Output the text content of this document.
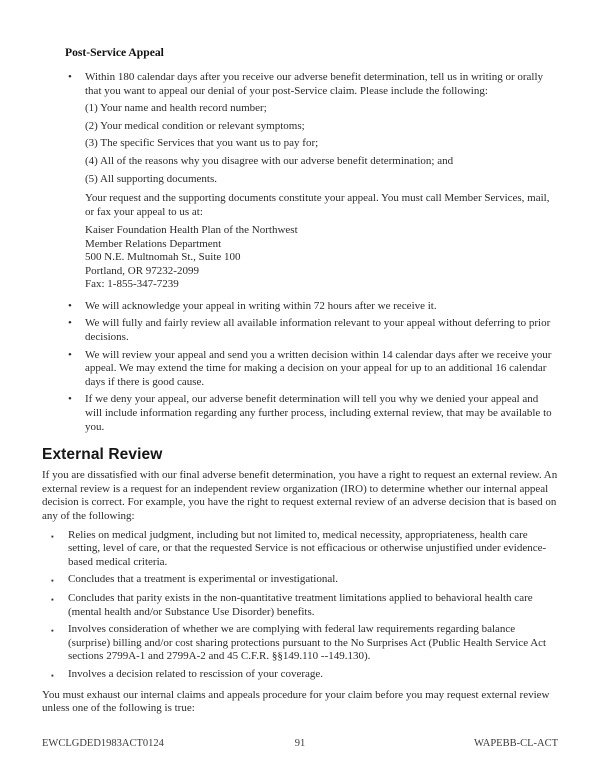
Post-Service Appeal
•	Within 180 calendar days after you receive our adverse benefit determination, tell us in writing or orally that you want to appeal our denial of your post-Service claim. Please include the following:

(1) Your name and health record number;

(2) Your medical condition or relevant symptoms;

(3) The specific Services that you want us to pay for;

(4) All of the reasons why you disagree with our adverse benefit determination; and

(5) All supporting documents.

Your request and the supporting documents constitute your appeal. You must call Member Services, mail, or fax your appeal to us at:

Kaiser Foundation Health Plan of the Northwest

Member Relations Department

500 N.E. Multnomah St., Suite 100

Portland, OR 97232-2099

Fax: 1-855-347-7239

•	We will acknowledge your appeal in writing within 72 hours after we receive it.

•	We will fully and fairly review all available information relevant to your appeal without deferring to prior decisions.

•	We will review your appeal and send you a written decision within 14 calendar days after we receive your appeal. We may extend the time for making a decision on your appeal for up to an additional 16 calendar days if there is good cause.

•	If we deny your appeal, our adverse benefit determination will tell you why we denied your appeal and will include information regarding any further process, including external review, that may be available to you.

External Review

If you are dissatisfied with our final adverse benefit determination, you have a right to request an external review. An external review is a request for an independent review organization (IRO) to determine whether our internal appeal decision is correct. For example, you have the right to request external review of an adverse decision that is based on any of the following:

▪	Relies on medical judgment, including but not limited to, medical necessity, appropriateness, health care setting, level of care, or that the requested Service is not efficacious or otherwise unjustified under evidence-based medical criteria.

▪	Concludes that a treatment is experimental or investigational.

▪	Concludes that parity exists in the non-quantitative treatment limitations applied to behavioral health care (mental health and/or Substance Use Disorder) benefits.

▪	Involves consideration of whether we are complying with federal law requirements regarding balance (surprise) billing and/or cost sharing protections pursuant to the No Surprises Act (Public Health Service Act sections 2799A-1 and 2799A-2 and 45 C.F.R. §§149.110 --149.130).

▪	Involves a decision related to rescission of your coverage.

You must exhaust our internal claims and appeals procedure for your claim before you may request external review unless one of the following is true:

EWCLGDED1983ACT0124	91	WAPEBB-CL-ACT
